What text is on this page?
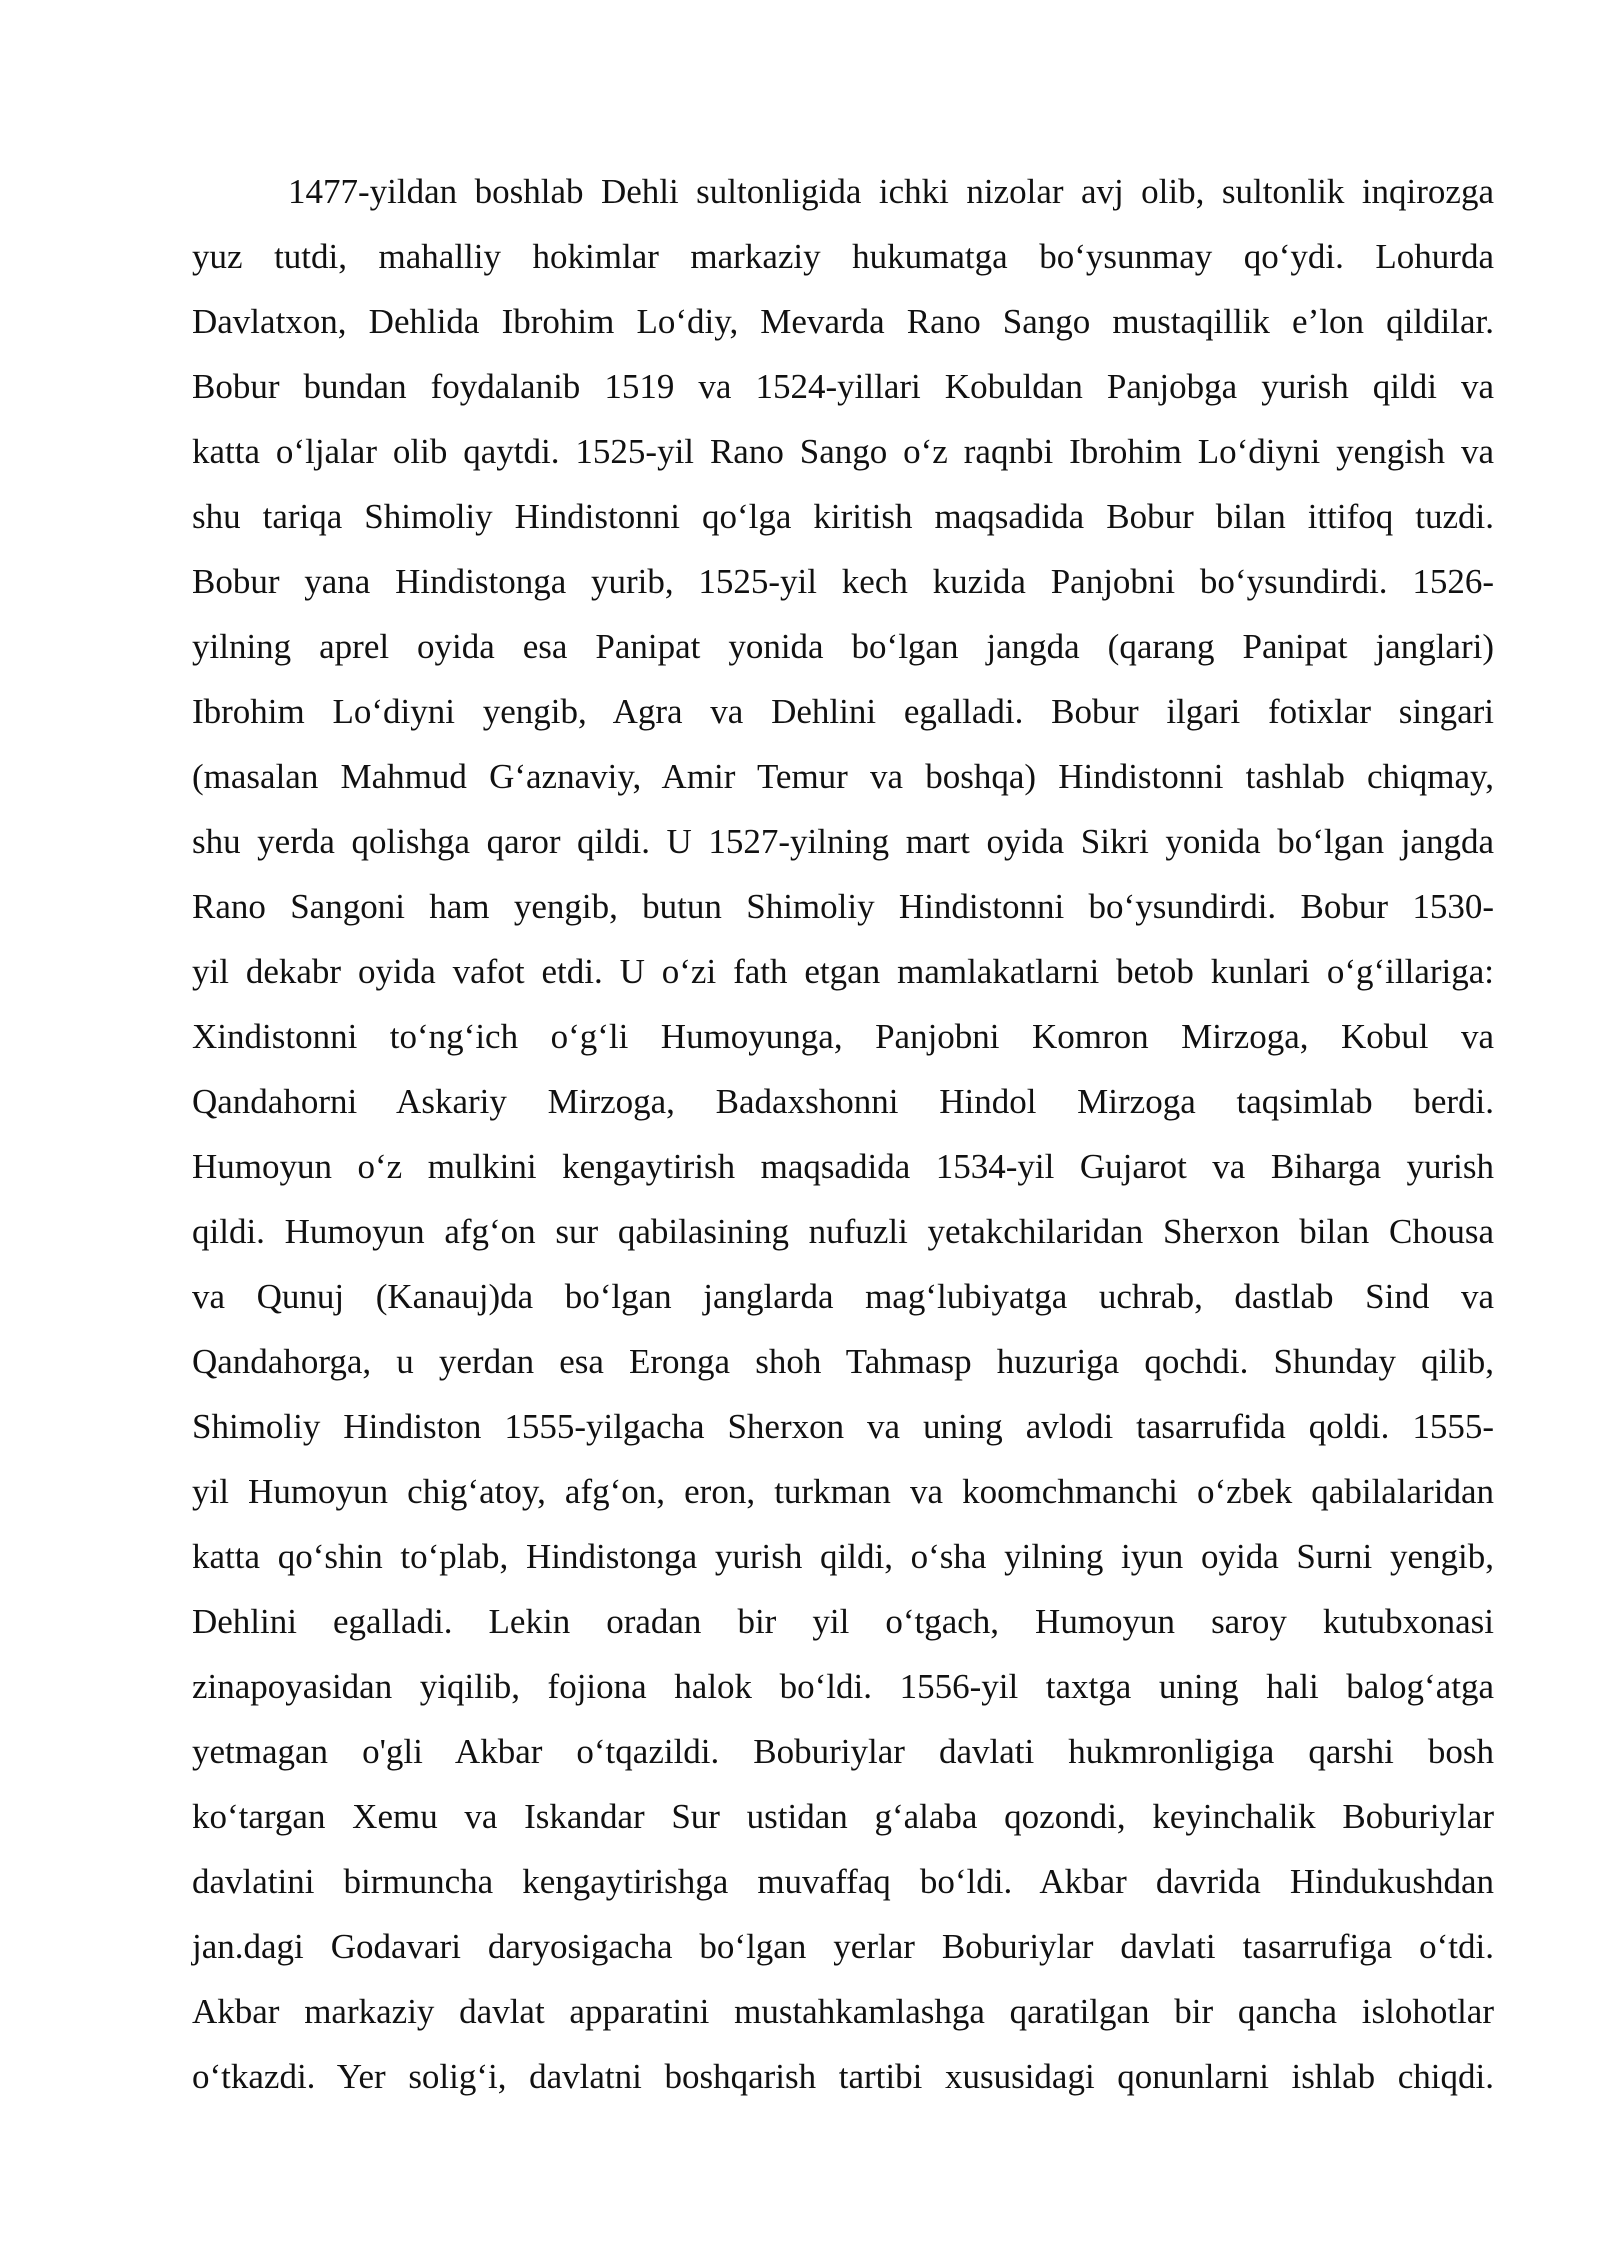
1477-yildan boshlab Dehli sultonligida ichki nizolar avj olib, sultonlik inqirozga
yuz tutdi, mahalliy hokimlar markaziy hukumatga bo‘ysunmay qo‘ydi. Lohurda
Davlatxon, Dehlida Ibrohim Lo‘diy, Mevarda Rano Sango mustaqillik e’lon qildilar.
Bobur bundan foydalanib 1519 va 1524-yillari Kobuldan Panjobga yurish qildi va
katta o‘ljalar olib qaytdi. 1525-yil Rano Sango o‘z raqnbi Ibrohim Lo‘diyni yengish va
shu tariqa Shimoliy Hindistonni qo‘lga kiritish maqsadida Bobur bilan ittifoq tuzdi.
Bobur yana Hindistonga yurib, 1525-yil kech kuzida Panjobni bo‘ysundirdi. 1526-
yilning aprel oyida esa Panipat yonida bo‘lgan jangda (qarang Panipat janglari)
Ibrohim Lo‘diyni yengib, Agra va Dehlini egalladi. Bobur ilgari fotixlar singari
(masalan Mahmud G‘aznaviy, Amir Temur va boshqa) Hindistonni tashlab chiqmay,
shu yerda qolishga qaror qildi. U 1527-yilning mart oyida Sikri yonida bo‘lgan jangda
Rano Sangoni ham yengib, butun Shimoliy Hindistonni bo‘ysundirdi. Bobur 1530-
yil dekabr oyida vafot etdi. U o‘zi fath etgan mamlakatlarni betob kunlari o‘g‘illariga:
Xindistonni to‘ng‘ich o‘g‘li Humoyunga, Panjobni Komron Mirzoga, Kobul va
Qandahorni Askariy Mirzoga, Badaxshonni Hindol Mirzoga taqsimlab berdi.
Humoyun o‘z mulkini kengaytirish maqsadida 1534-yil Gujarot va Biharga yurish
qildi. Humoyun afg‘on sur qabilasining nufuzli yetakchilaridan Sherxon bilan Chousa
va Qunuj (Kanauj)da bo‘lgan janglarda mag‘lubiyatga uchrab, dastlab Sind va
Qandahorga, u yerdan esa Eronga shoh Tahmasp huzuriga qochdi. Shunday qilib,
Shimoliy Hindiston 1555-yilgacha Sherxon va uning avlodi tasarrufida qoldi. 1555-
yil Humoyun chig‘atoy, afg‘on, eron, turkman va koomchmanchi o‘zbek qabilalaridan
katta qo‘shin to‘plab, Hindistonga yurish qildi, o‘sha yilning iyun oyida Surni yengib,
Dehlini egalladi. Lekin oradan bir yil o‘tgach, Humoyun saroy kutubxonasi
zinapoyasidan yiqilib, fojiona halok bo‘ldi. 1556-yil taxtga uning hali balog‘atga
yetmagan o'gli Akbar o‘tqazildi. Boburiylar davlati hukmronligiga qarshi bosh
ko‘targan Xemu va Iskandar Sur ustidan g‘alaba qozondi, keyinchalik Boburiylar
davlatini birmuncha kengaytirishga muvaffaq bo‘ldi. Akbar davrida Hindukushdan
jan.dagi Godavari daryosigacha bo‘lgan yerlar Boburiylar davlati tasarrufiga o‘tdi.
Akbar markaziy davlat apparatini mustahkamlashga qaratilgan bir qancha islohotlar
o‘tkazdi. Yer solig‘i, davlatni boshqarish tartibi xususidagi qonunlarni ishlab chiqdi.
